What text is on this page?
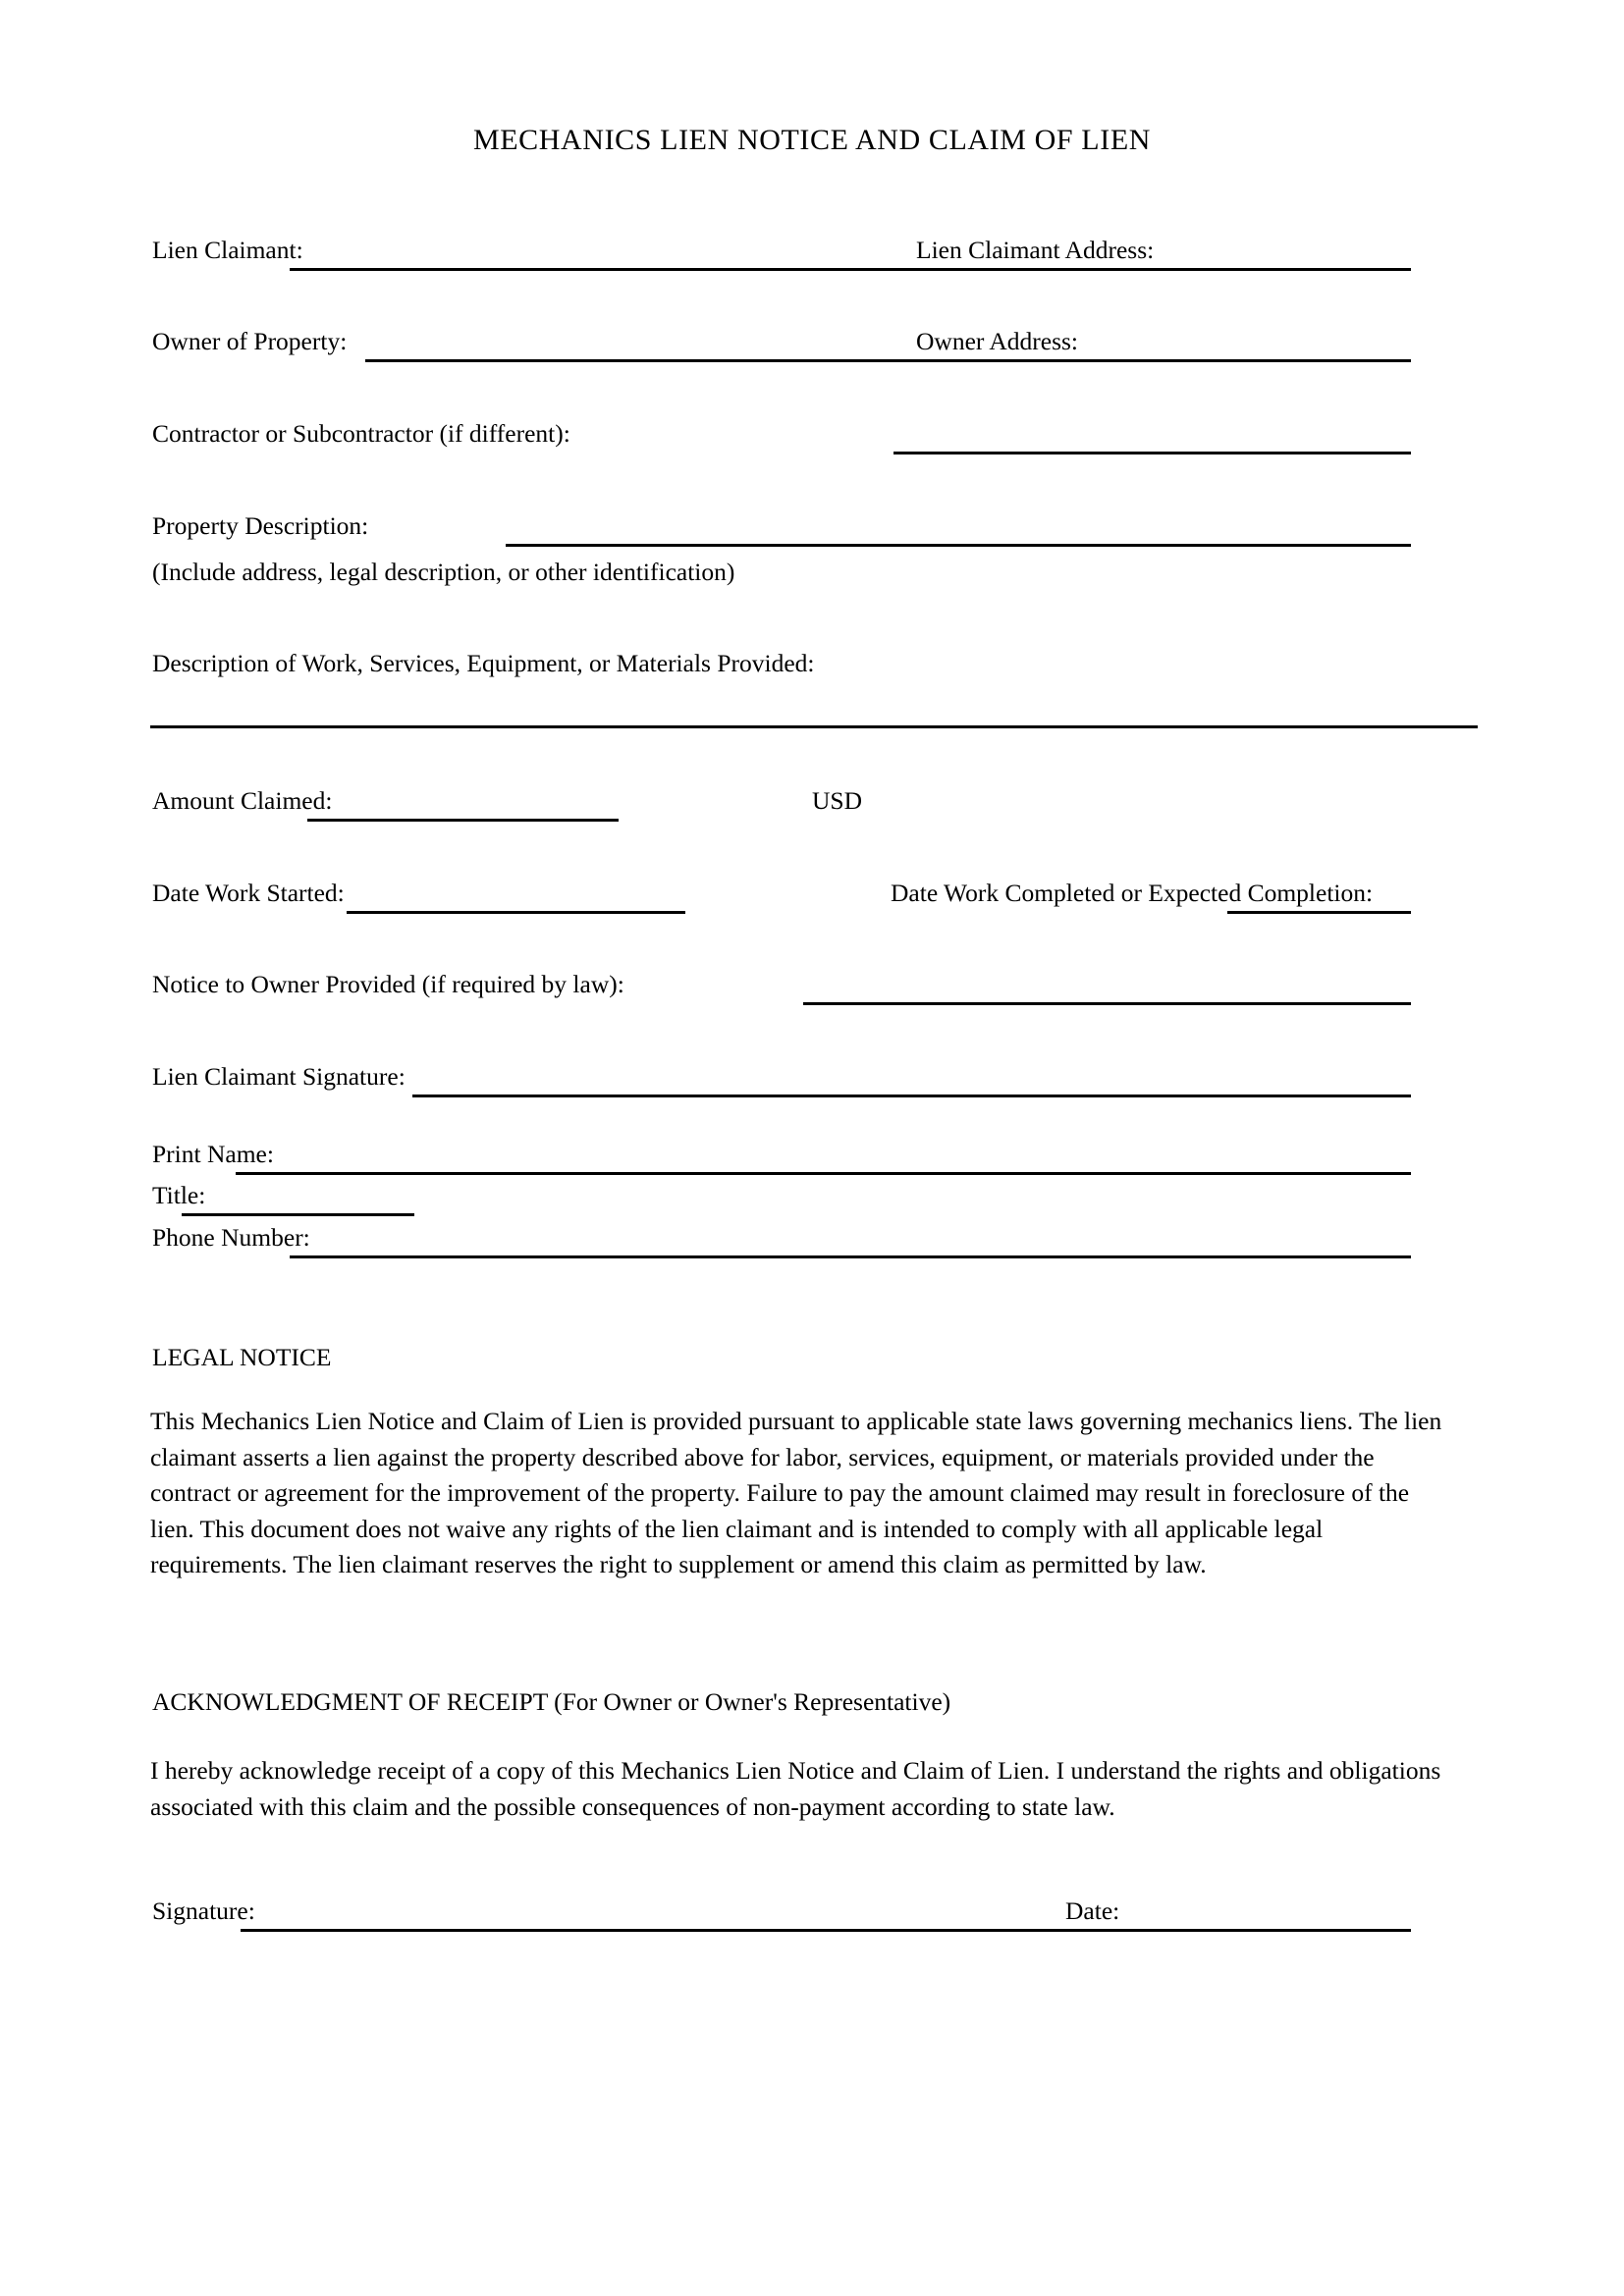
MECHANICS LIEN NOTICE AND CLAIM OF LIEN
Lien Claimant:	Lien Claimant Address:
Owner of Property:	Owner Address:
Contractor or Subcontractor (if different):
Property Description:
(Include address, legal description, or other identification)
Description of Work, Services, Equipment, or Materials Provided:
Amount Claimed:	USD
Date Work Started:	Date Work Completed or Expected Completion:
Notice to Owner Provided (if required by law):
Lien Claimant Signature:
Print Name:
Title:
Phone Number:
LEGAL NOTICE
This Mechanics Lien Notice and Claim of Lien is provided pursuant to applicable state laws governing mechanics liens. The lien claimant asserts a lien against the property described above for labor, services, equipment, or materials provided under the contract or agreement for the improvement of the property. Failure to pay the amount claimed may result in foreclosure of the lien. This document does not waive any rights of the lien claimant and is intended to comply with all applicable legal requirements. The lien claimant reserves the right to supplement or amend this claim as permitted by law.
ACKNOWLEDGMENT OF RECEIPT (For Owner or Owner's Representative)
I hereby acknowledge receipt of a copy of this Mechanics Lien Notice and Claim of Lien. I understand the rights and obligations associated with this claim and the possible consequences of non-payment according to state law.
Signature:	Date:
